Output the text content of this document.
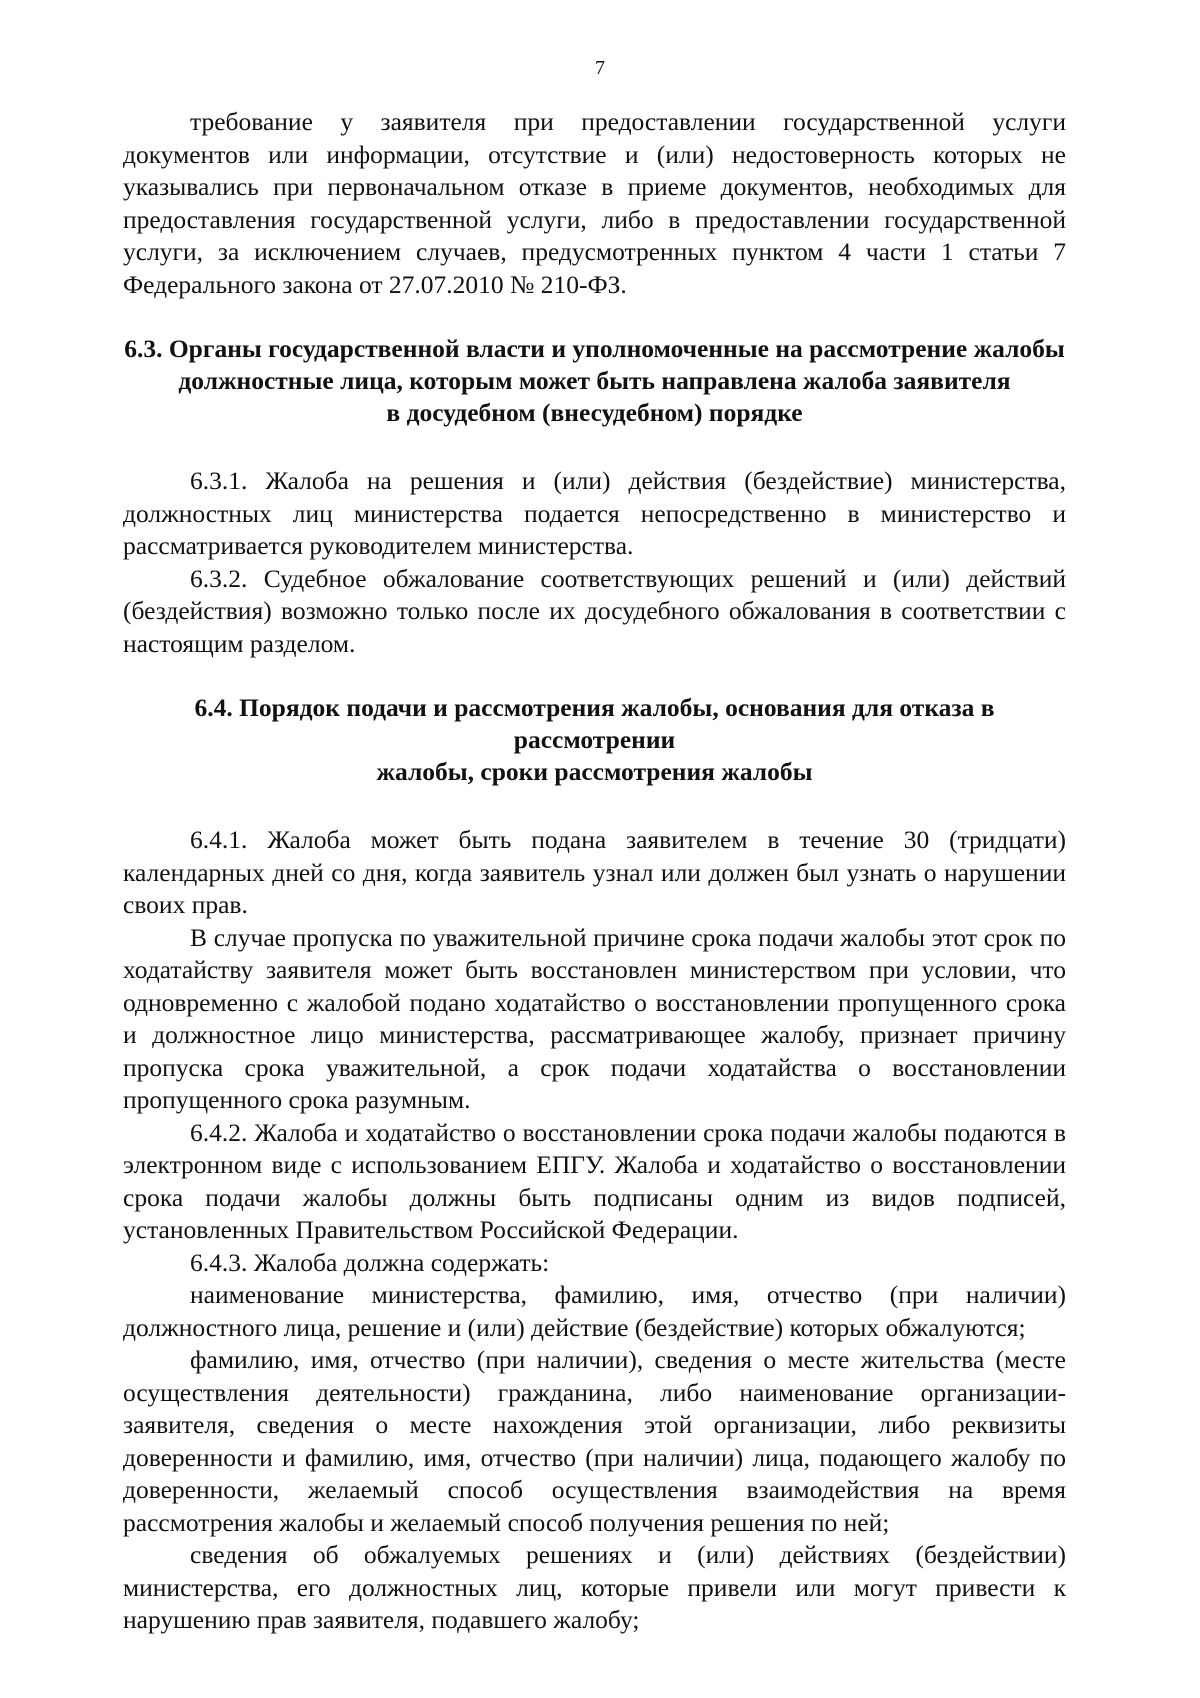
7

требование у заявителя при предоставлении государственной услуги документов или информации, отсутствие и (или) недостоверность которых не указывались при первоначальном отказе в приеме документов, необходимых для предоставления государственной услуги, либо в предоставлении государственной услуги, за исключением случаев, предусмотренных пунктом 4 части 1 статьи 7 Федерального закона от 27.07.2010 № 210-ФЗ.

6.3. Органы государственной власти и уполномоченные на рассмотрение жалобы
должностные лица, которым может быть направлена жалоба заявителя
в досудебном (внесудебном) порядке

6.3.1. Жалоба на решения и (или) действия (бездействие) министерства, должностных лиц министерства подается непосредственно в министерство и рассматривается руководителем министерства.

6.3.2. Судебное обжалование соответствующих решений и (или) действий (бездействия) возможно только после их досудебного обжалования в соответствии с настоящим разделом.

6.4. Порядок подачи и рассмотрения жалобы, основания для отказа в рассмотрении
жалобы, сроки рассмотрения жалобы

6.4.1. Жалоба может быть подана заявителем в течение 30 (тридцати) календарных дней со дня, когда заявитель узнал или должен был узнать о нарушении своих прав.

В случае пропуска по уважительной причине срока подачи жалобы этот срок по ходатайству заявителя может быть восстановлен министерством при условии, что одновременно с жалобой подано ходатайство о восстановлении пропущенного срока и должностное лицо министерства, рассматривающее жалобу, признает причину пропуска срока уважительной, а срок подачи ходатайства о восстановлении пропущенного срока разумным.

6.4.2. Жалоба и ходатайство о восстановлении срока подачи жалобы подаются в электронном виде с использованием ЕПГУ. Жалоба и ходатайство о восстановлении срока подачи жалобы должны быть подписаны одним из видов подписей, установленных Правительством Российской Федерации.

6.4.3. Жалоба должна содержать:

наименование министерства, фамилию, имя, отчество (при наличии) должностного лица, решение и (или) действие (бездействие) которых обжалуются;

фамилию, имя, отчество (при наличии), сведения о месте жительства (месте осуществления деятельности) гражданина, либо наименование организации-заявителя, сведения о месте нахождения этой организации, либо реквизиты доверенности и фамилию, имя, отчество (при наличии) лица, подающего жалобу по доверенности, желаемый способ осуществления взаимодействия на время рассмотрения жалобы и желаемый способ получения решения по ней;

сведения об обжалуемых решениях и (или) действиях (бездействии) министерства, его должностных лиц, которые привели или могут привести к нарушению прав заявителя, подавшего жалобу;
